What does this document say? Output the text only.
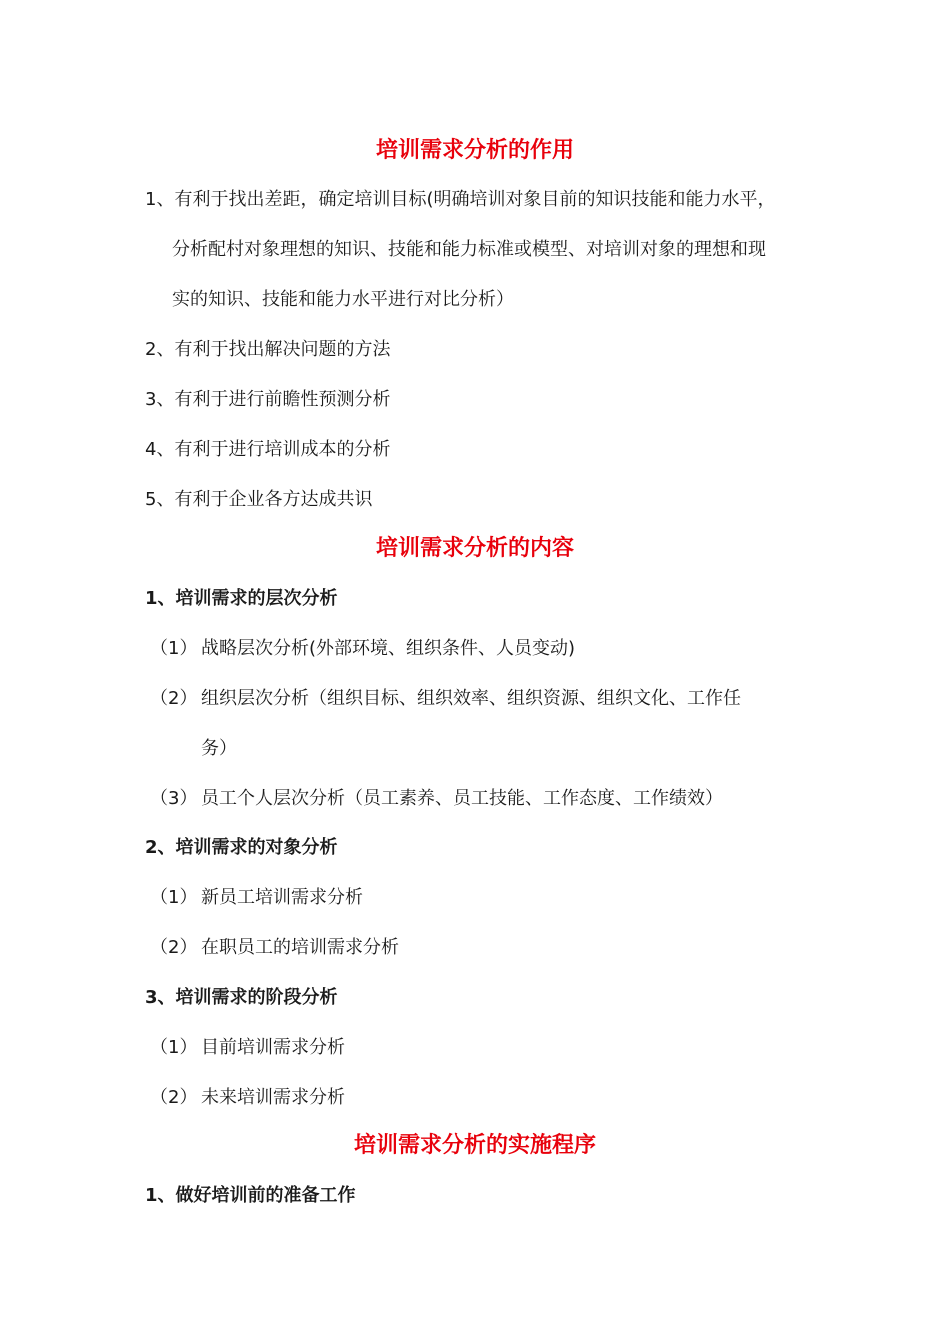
培训需求分析的作用
1、有利于找出差距，确定培训目标(明确培训对象目前的知识技能和能力水平，
分析配村对象理想的知识、技能和能力标准或模型、对培训对象的理想和现
实的知识、技能和能力水平进行对比分析）
2、有利于找出解决问题的方法
3、有利于进行前瞻性预测分析
4、有利于进行培训成本的分析
5、有利于企业各方达成共识
培训需求分析的内容
1、培训需求的层次分析
（1） 战略层次分析(外部环境、组织条件、人员变动)
（2） 组织层次分析（组织目标、组织效率、组织资源、组织文化、工作任
务）
（3） 员工个人层次分析（员工素养、员工技能、工作态度、工作绩效）
2、培训需求的对象分析
（1） 新员工培训需求分析
（2） 在职员工的培训需求分析
3、培训需求的阶段分析
（1） 目前培训需求分析
（2） 未来培训需求分析
培训需求分析的实施程序
1、做好培训前的准备工作
